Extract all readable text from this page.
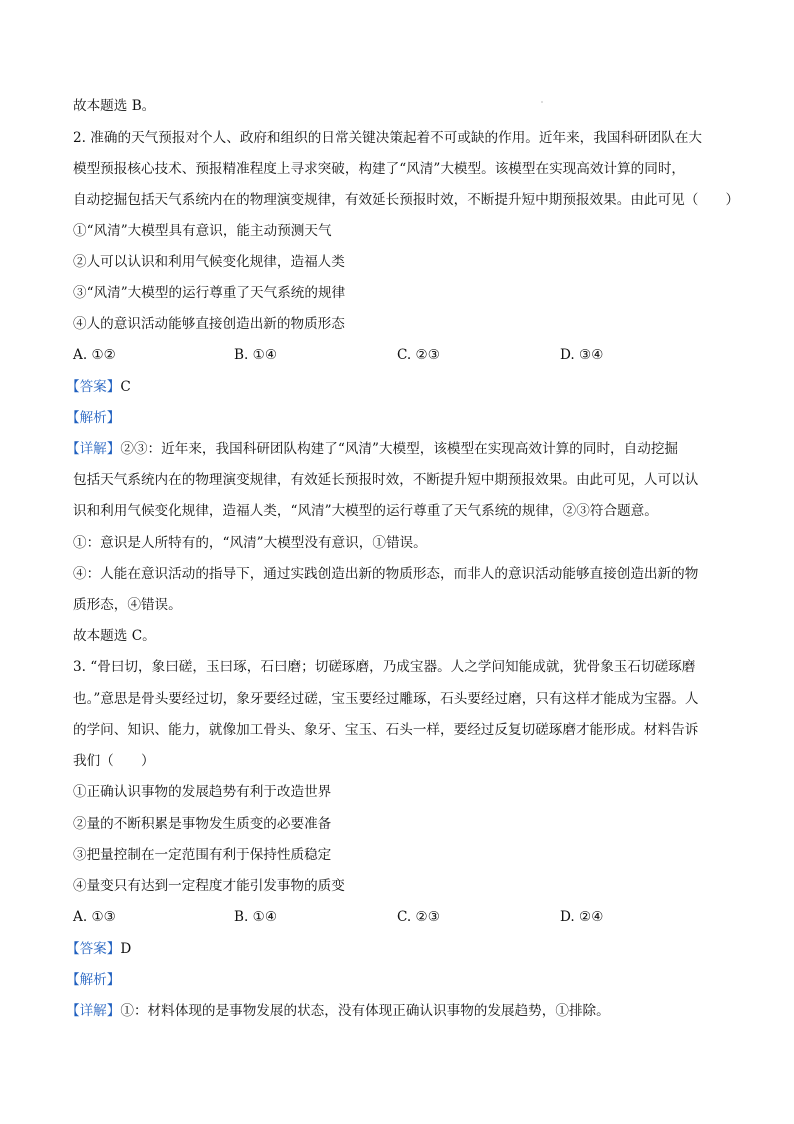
故本题选 B。
2. 准确的天气预报对个人、政府和组织的日常关键决策起着不可或缺的作用。近年来，我国科研团队在大
模型预报核心技术、预报精准程度上寻求突破，构建了“风清”大模型。该模型在实现高效计算的同时，
自动挖掘包括天气系统内在的物理演变规律，有效延长预报时效，不断提升短中期预报效果。由此可见（　　）
①“风清”大模型具有意识，能主动预测天气
②人可以认识和利用气候变化规律，造福人类
③“风清”大模型的运行尊重了天气系统的规律
④人的意识活动能够直接创造出新的物质形态
A. ①②	B. ①④	C. ②③	D. ③④
【答案】C
【解析】
【详解】②③：近年来，我国科研团队构建了“风清”大模型，该模型在实现高效计算的同时，自动挖掘
包括天气系统内在的物理演变规律，有效延长预报时效，不断提升短中期预报效果。由此可见，人可以认
识和利用气候变化规律，造福人类，“风清”大模型的运行尊重了天气系统的规律，②③符合题意。
①：意识是人所特有的，“风清”大模型没有意识，①错误。
④：人能在意识活动的指导下，通过实践创造出新的物质形态，而非人的意识活动能够直接创造出新的物
质形态，④错误。
故本题选 C。
3. “骨曰切，象曰磋，玉曰琢，石曰磨；切磋琢磨，乃成宝器。人之学问知能成就，犹骨象玉石切磋琢磨
也。”意思是骨头要经过切，象牙要经过磋，宝玉要经过雕琢，石头要经过磨，只有这样才能成为宝器。人
的学问、知识、能力，就像加工骨头、象牙、宝玉、石头一样，要经过反复切磋琢磨才能形成。材料告诉
我们（　　）
①正确认识事物的发展趋势有利于改造世界
②量的不断积累是事物发生质变的必要准备
③把量控制在一定范围有利于保持性质稳定
④量变只有达到一定程度才能引发事物的质变
A. ①③	B. ①④	C. ②③	D. ②④
【答案】D
【解析】
【详解】①：材料体现的是事物发展的状态，没有体现正确认识事物的发展趋势，①排除。
